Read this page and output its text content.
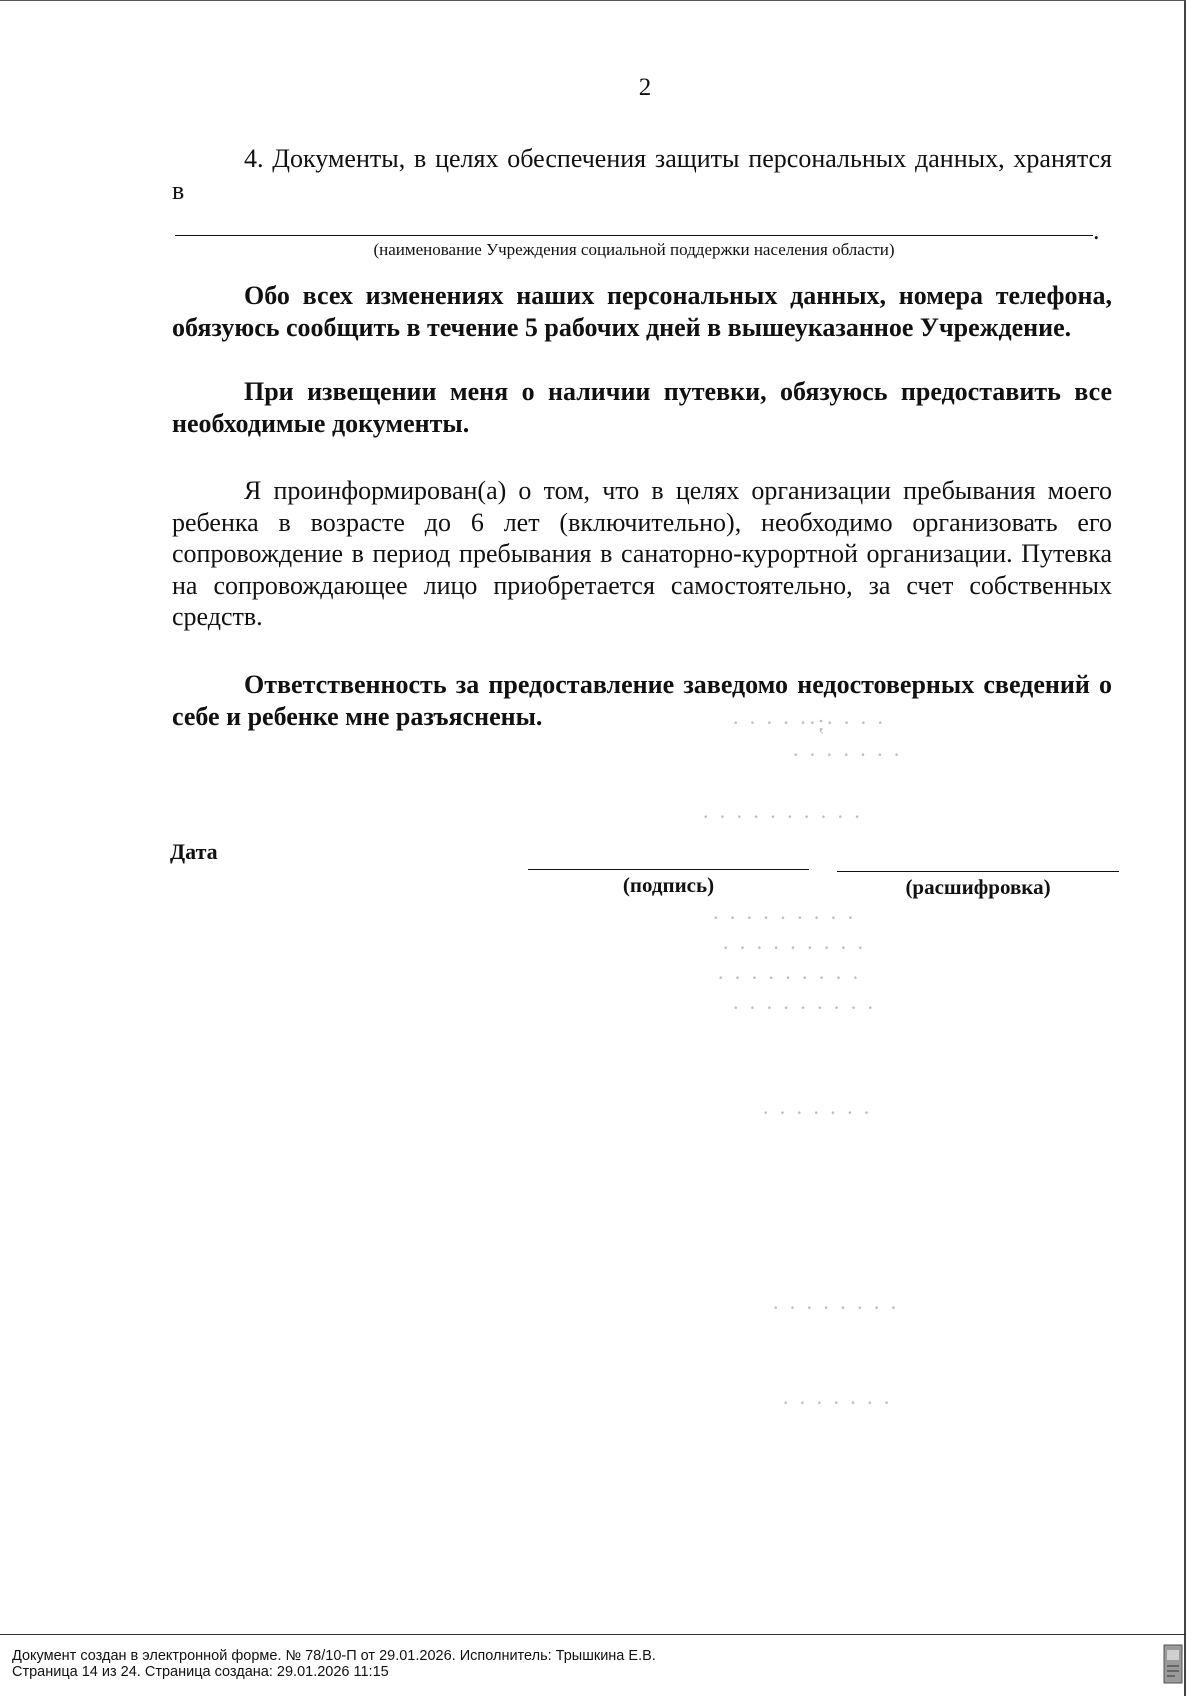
2
4. Документы, в целях обеспечения защиты персональных данных, хранятся в
.
(наименование Учреждения социальной поддержки населения области)
Обо всех изменениях наших персональных данных, номера телефона, обязуюсь сообщить в течение 5 рабочих дней в вышеуказанное Учреждение.
При извещении меня о наличии путевки, обязуюсь предоставить все необходимые документы.
Я проинформирован(а) о том, что в целях организации пребывания моего ребенка в возрасте до 6 лет (включительно), необходимо организовать его сопровождение в период пребывания в санаторно-курортной организации. Путевка на сопровождающее лицо приобретается самостоятельно, за счет собственных средств.
Ответственность за предоставление заведомо недостоверных сведений о себе и ребенке мне разъяснены.
Дата
(подпись)	(расшифровка)
· · · ·;·· · · · ·
· · · · · · ·
· · · · · · · · · ·
· · · · · · · · ·
· · · · · · · · ·
· · · · · · · · ·
· · · · · · · · ·
· · · · · · ·
· · · · · · · ·
· · · · · · ·
Документ создан в электронной форме. № 78/10-П от 29.01.2026. Исполнитель: Трышкина Е.В.
Страница 14 из 24. Страница создана: 29.01.2026 11:15
